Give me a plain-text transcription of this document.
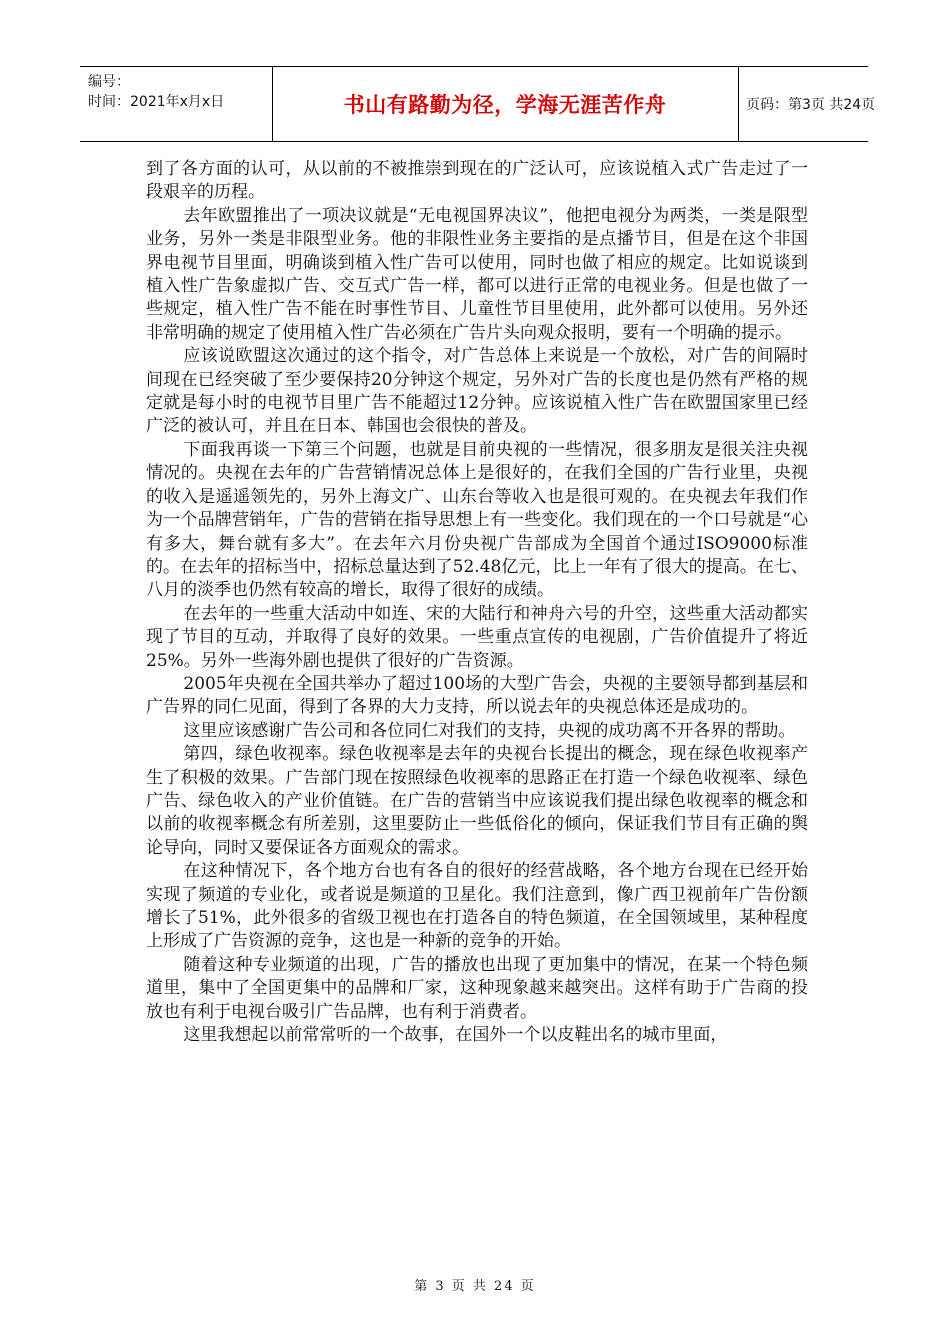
编号：
时间：2021年x月x日	书山有路勤为径，学海无涯苦作舟	页码：第3页 共24页

到了各方面的认可，从以前的不被推崇到现在的广泛认可，应该说植入式广告走过了一段艰辛的历程。

去年欧盟推出了一项决议就是“无电视国界决议”，他把电视分为两类，一类是限型业务，另外一类是非限型业务。他的非限性业务主要指的是点播节目，但是在这个非国界电视节目里面，明确谈到植入性广告可以使用，同时也做了相应的规定。比如说谈到植入性广告象虚拟广告、交互式广告一样，都可以进行正常的电视业务。但是也做了一些规定，植入性广告不能在时事性节目、儿童性节目里使用，此外都可以使用。另外还非常明确的规定了使用植入性广告必须在广告片头向观众报明，要有一个明确的提示。

应该说欧盟这次通过的这个指令，对广告总体上来说是一个放松，对广告的间隔时间现在已经突破了至少要保持20分钟这个规定，另外对广告的长度也是仍然有严格的规定就是每小时的电视节目里广告不能超过12分钟。应该说植入性广告在欧盟国家里已经广泛的被认可，并且在日本、韩国也会很快的普及。

下面我再谈一下第三个问题，也就是目前央视的一些情况，很多朋友是很关注央视情况的。央视在去年的广告营销情况总体上是很好的，在我们全国的广告行业里，央视的收入是遥遥领先的，另外上海文广、山东台等收入也是很可观的。在央视去年我们作为一个品牌营销年，广告的营销在指导思想上有一些变化。我们现在的一个口号就是“心有多大，舞台就有多大”。在去年六月份央视广告部成为全国首个通过ISO9000标准的。在去年的招标当中，招标总量达到了52.48亿元，比上一年有了很大的提高。在七、八月的淡季也仍然有较高的增长，取得了很好的成绩。

在去年的一些重大活动中如连、宋的大陆行和神舟六号的升空，这些重大活动都实现了节目的互动，并取得了良好的效果。一些重点宣传的电视剧，广告价值提升了将近25%。另外一些海外剧也提供了很好的广告资源。

2005年央视在全国共举办了超过100场的大型广告会，央视的主要领导都到基层和广告界的同仁见面，得到了各界的大力支持，所以说去年的央视总体还是成功的。

这里应该感谢广告公司和各位同仁对我们的支持，央视的成功离不开各界的帮助。

第四，绿色收视率。绿色收视率是去年的央视台长提出的概念，现在绿色收视率产生了积极的效果。广告部门现在按照绿色收视率的思路正在打造一个绿色收视率、绿色广告、绿色收入的产业价值链。在广告的营销当中应该说我们提出绿色收视率的概念和以前的收视率概念有所差别，这里要防止一些低俗化的倾向，保证我们节目有正确的舆论导向，同时又要保证各方面观众的需求。

在这种情况下，各个地方台也有各自的很好的经营战略，各个地方台现在已经开始实现了频道的专业化，或者说是频道的卫星化。我们注意到，像广西卫视前年广告份额增长了51%，此外很多的省级卫视也在打造各自的特色频道，在全国领域里，某种程度上形成了广告资源的竞争，这也是一种新的竞争的开始。

随着这种专业频道的出现，广告的播放也出现了更加集中的情况，在某一个特色频道里，集中了全国更集中的品牌和厂家，这种现象越来越突出。这样有助于广告商的投放也有利于电视台吸引广告品牌，也有利于消费者。

这里我想起以前常常听的一个故事，在国外一个以皮鞋出名的城市里面，

第 3 页 共 24 页
